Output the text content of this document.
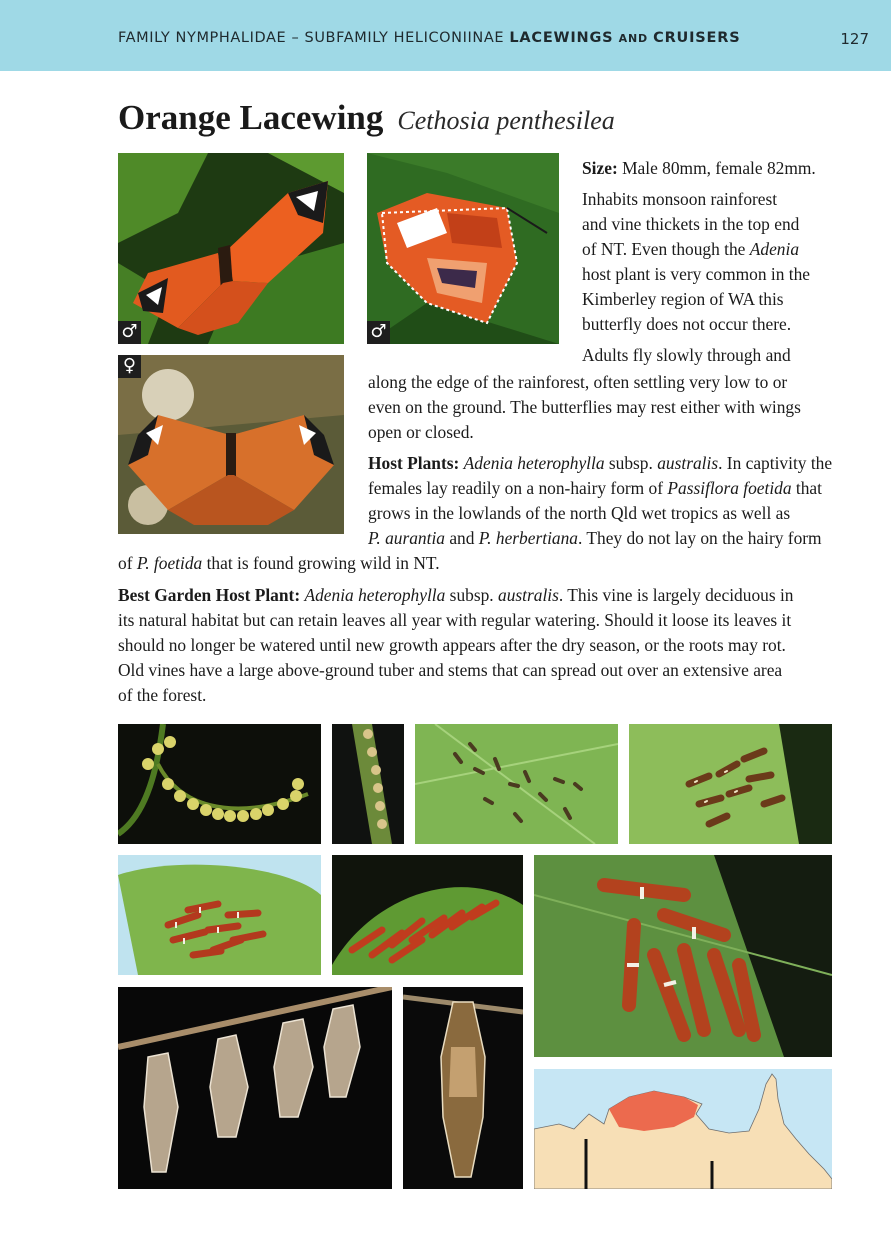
FAMILY NYMPHALIDAE – SUBFAMILY HELICONIINAE LACEWINGS AND CRUISERS	127
Orange Lacewing Cethosia penthesilea
♂	♂
♀
Size: Male 80mm, female 82mm.
Inhabits monsoon rainforest
and vine thickets in the top end
of NT. Even though the Adenia
host plant is very common in the
Kimberley region of WA this
butterfly does not occur there.
Adults fly slowly through and
along the edge of the rainforest, often settling very low to or
even on the ground. The butterflies may rest either with wings
open or closed.
Host Plants: Adenia heterophylla subsp. australis. In captivity the
females lay readily on a non-hairy form of Passiflora foetida that
grows in the lowlands of the north Qld wet tropics as well as
P. aurantia and P. herbertiana. They do not lay on the hairy form
of P. foetida that is found growing wild in NT.
Best Garden Host Plant: Adenia heterophylla subsp. australis. This vine is largely deciduous in
its natural habitat but can retain leaves all year with regular watering. Should it loose its leaves it
should no longer be watered until new growth appears after the dry season, or the roots may rot.
Old vines have a large above-ground tuber and stems that can spread out over an extensive area
of the forest.
